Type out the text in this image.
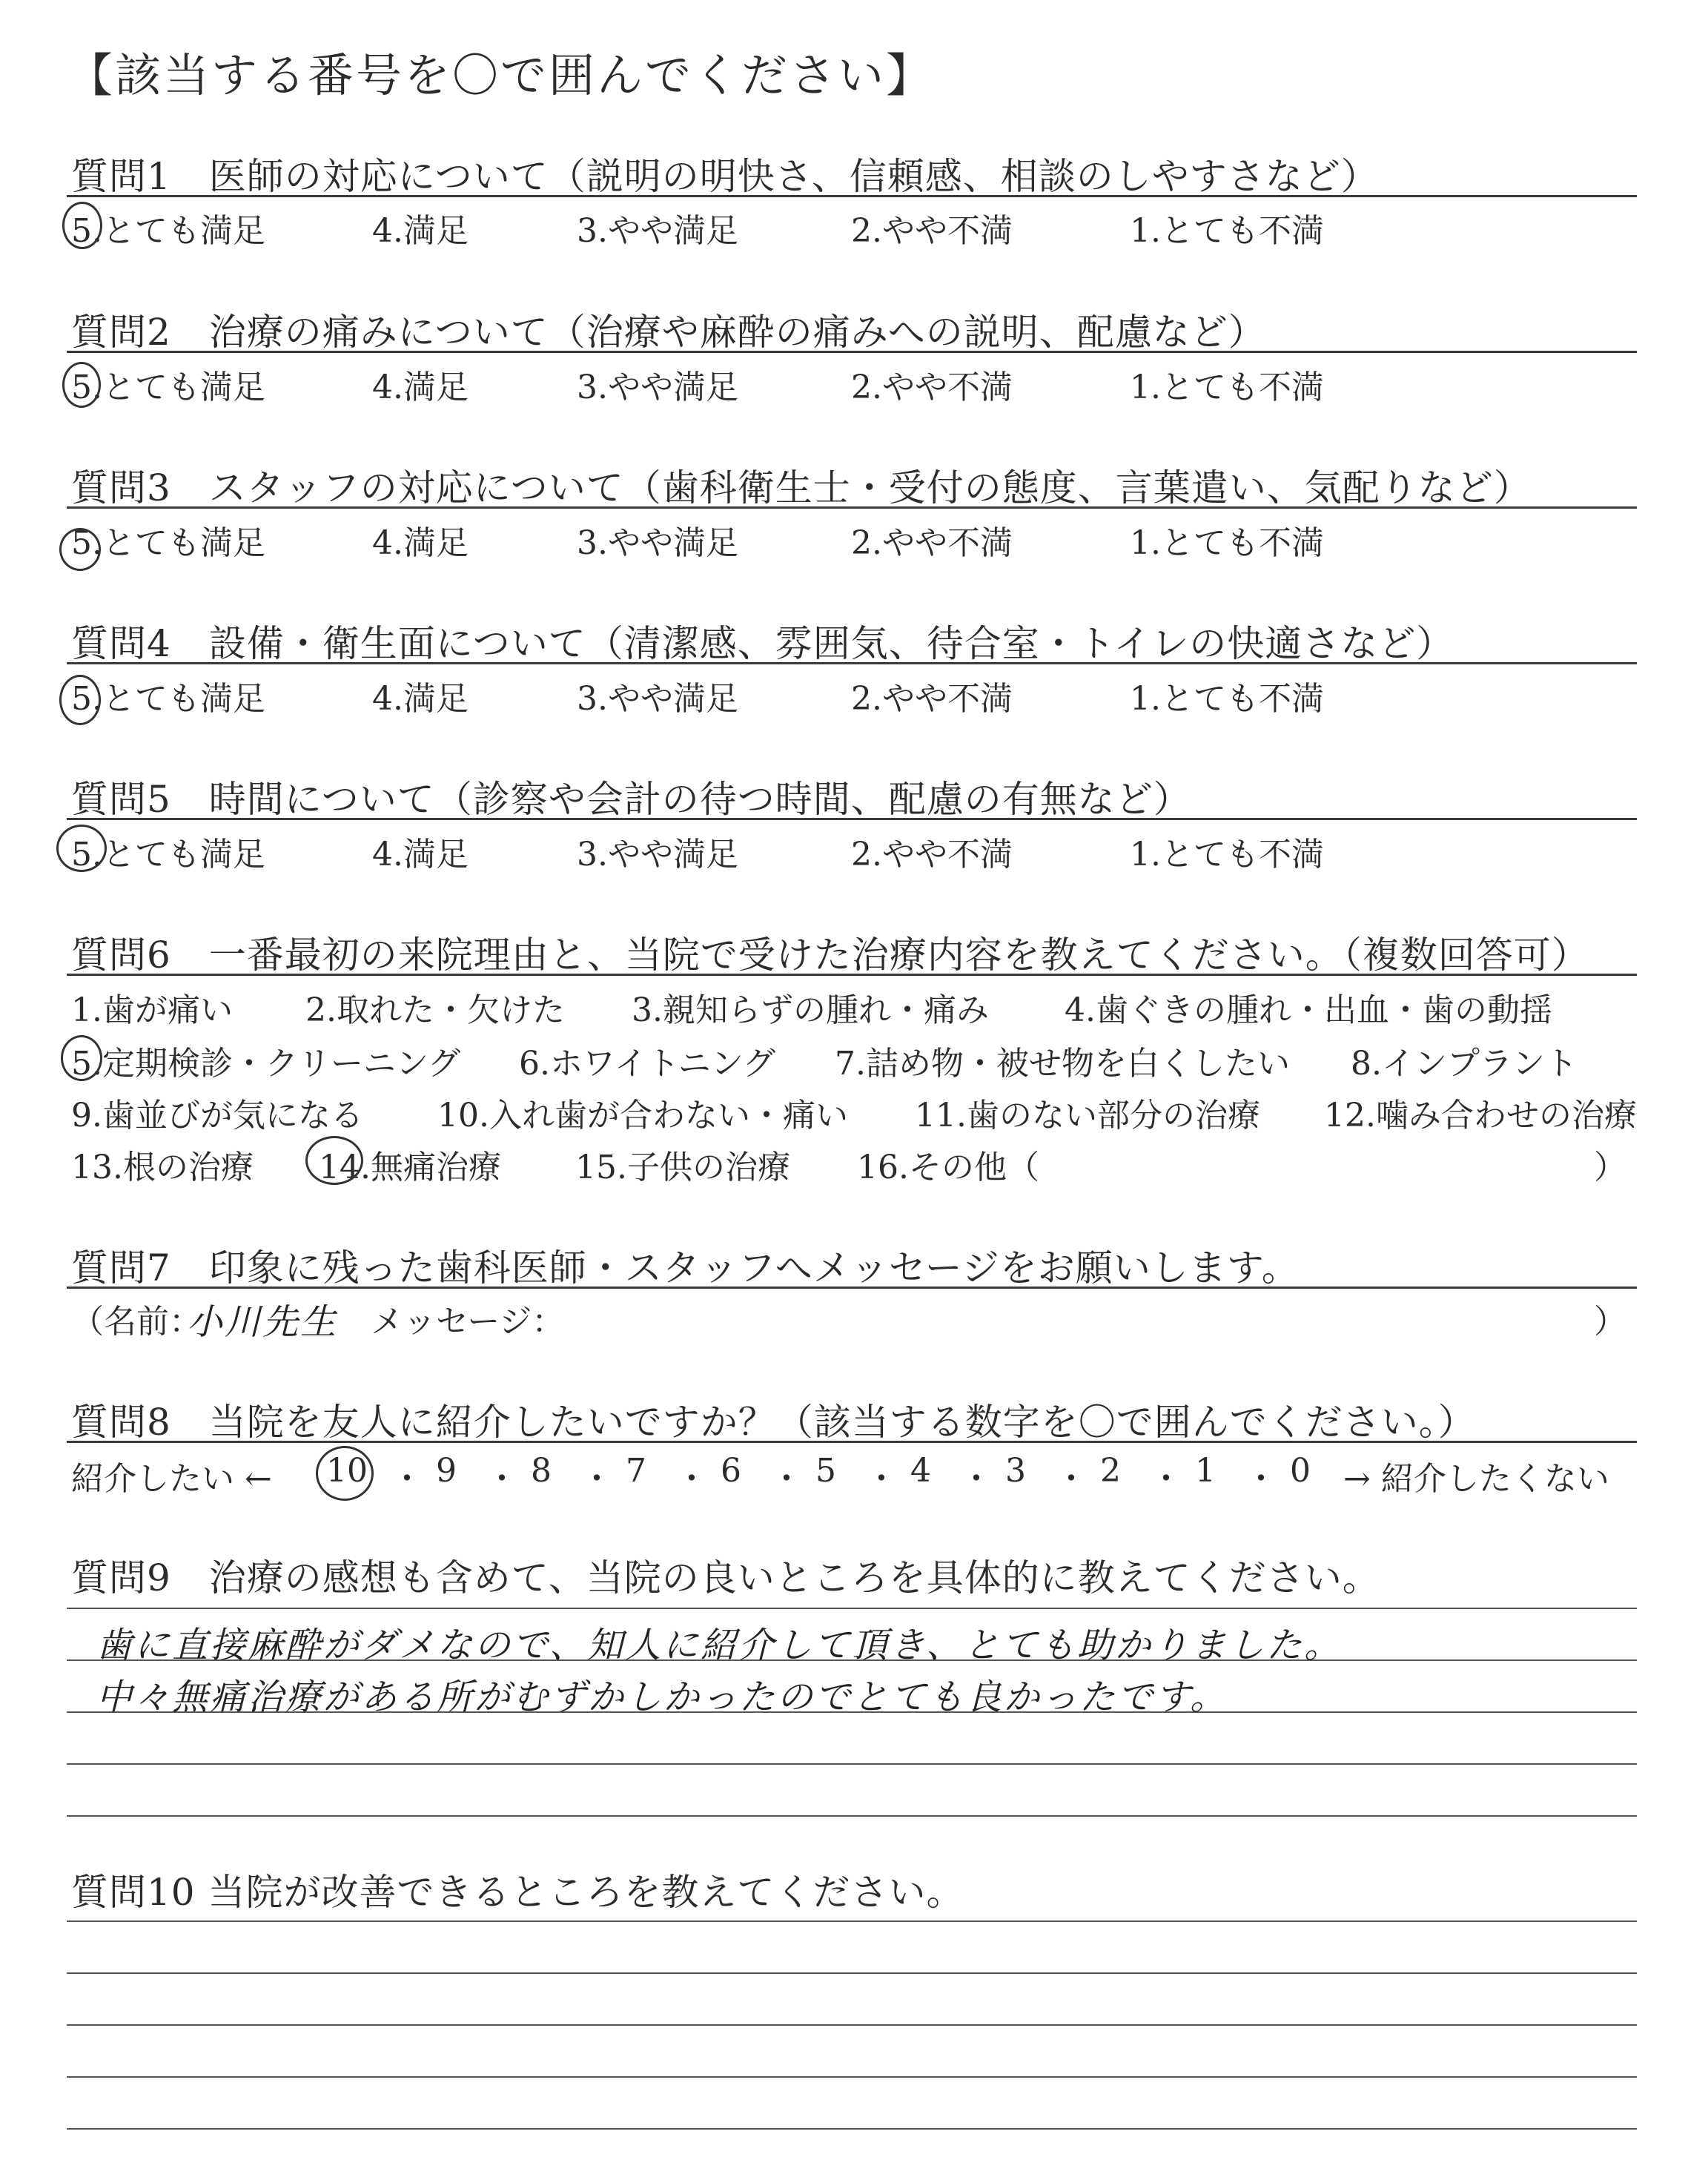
【該当する番号を〇で囲んでください】
質問1　医師の対応について（説明の明快さ、信頼感、相談のしやすさなど）
5.とても満足	4.満足	3.やや満足	2.やや不満	1.とても不満
質問2　治療の痛みについて（治療や麻酔の痛みへの説明、配慮など）
5.とても満足	4.満足	3.やや満足	2.やや不満	1.とても不満
質問3　スタッフの対応について（歯科衛生士・受付の態度、言葉遣い、気配りなど）
5.とても満足	4.満足	3.やや満足	2.やや不満	1.とても不満
質問4　設備・衛生面について（清潔感、雰囲気、待合室・トイレの快適さなど）
5.とても満足	4.満足	3.やや満足	2.やや不満	1.とても不満
質問5　時間について（診察や会計の待つ時間、配慮の有無など）
5.とても満足	4.満足	3.やや満足	2.やや不満	1.とても不満
質問6　一番最初の来院理由と、当院で受けた治療内容を教えてください。（複数回答可）
1.歯が痛い 2.取れた・欠けた 3.親知らずの腫れ・痛み 4.歯ぐきの腫れ・出血・歯の動揺
5.定期検診・クリーニング 6.ホワイトニング 7.詰め物・被せ物を白くしたい 8.インプラント
9.歯並びが気になる 10.入れ歯が合わない・痛い 11.歯のない部分の治療 12.噛み合わせの治療
13.根の治療 14.無痛治療 15.子供の治療 16.その他（	）
質問7　印象に残った歯科医師・スタッフへメッセージをお願いします。
（名前：
小川先生 メッセージ：	）
質問8　当院を友人に紹介したいですか？（該当する数字を〇で囲んでください。）
紹介したい ← 10 ・ 9 ・ 8 ・ 7 ・ 6 ・ 5 ・ 4 ・ 3 ・ 2 ・ 1 ・ 0 → 紹介したくない
質問9　治療の感想も含めて、当院の良いところを具体的に教えてください。
歯に直接麻酔がダメなので、知人に紹介して頂き、とても助かりました。
中々無痛治療がある所がむずかしかったのでとても良かったです。
質問10 当院が改善できるところを教えてください。
